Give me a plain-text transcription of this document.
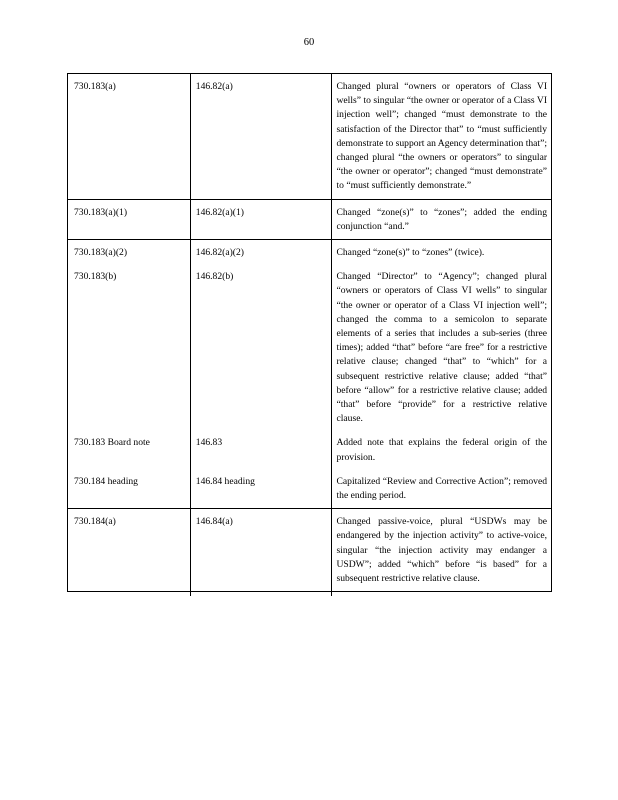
60
730.183(a)	146.82(a)	Changed plural “owners or operators of Class VI wells” to singular “the owner or operator of a Class VI injection well”; changed “must demonstrate to the satisfaction of the Director that” to “must sufficiently demonstrate to support an Agency determination that”; changed plural “the owners or operators” to singular “the owner or operator”; changed “must demonstrate” to “must sufficiently demonstrate.”

730.183(a)(1)	146.82(a)(1)	Changed “zone(s)” to “zones”; added the ending conjunction “and.”

730.183(a)(2)	146.82(a)(2)	Changed “zone(s)” to “zones” (twice).
730.183(b)	146.82(b)	Changed “Director” to “Agency”; changed plural “owners or operators of Class VI wells” to singular “the owner or operator of a Class VI injection well”; changed the comma to a semicolon to separate elements of a series that includes a sub-series (three times); added “that” before “are free” for a restrictive relative clause; changed “that” to “which” for a subsequent restrictive relative clause; added “that” before “allow” for a restrictive relative clause; added “that” before “provide” for a restrictive relative clause.
730.183 Board note	146.83	Added note that explains the federal origin of the provision.
730.184 heading	146.84 heading	Capitalized “Review and Corrective Action”; removed the ending period.

730.184(a)	146.84(a)	Changed passive-voice, plural “USDWs may be endangered by the injection activity” to active-voice, singular “the injection activity may endanger a USDW”; added “which” before “is based” for a subsequent restrictive relative clause.
